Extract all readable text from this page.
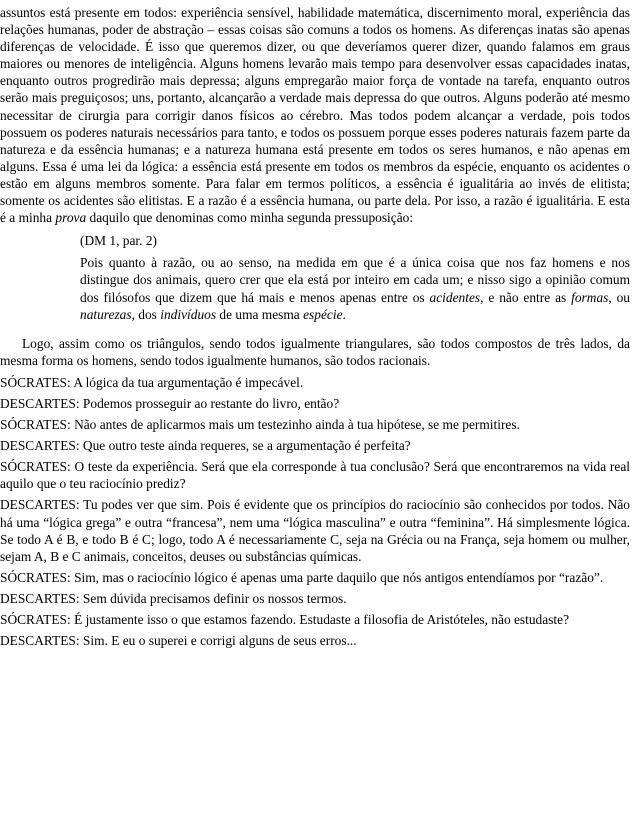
assuntos está presente em todos: experiência sensível, habilidade matemática, discernimento moral, experiência das relações humanas, poder de abstração – essas coisas são comuns a todos os homens. As diferenças inatas são apenas diferenças de velocidade. É isso que queremos dizer, ou que deveríamos querer dizer, quando falamos em graus maiores ou menores de inteligência. Alguns homens levarão mais tempo para desenvolver essas capacidades inatas, enquanto outros progredirão mais depressa; alguns empregarão maior força de vontade na tarefa, enquanto outros serão mais preguiçosos; uns, portanto, alcançarão a verdade mais depressa do que outros. Alguns poderão até mesmo necessitar de cirurgia para corrigir danos físicos ao cérebro. Mas todos podem alcançar a verdade, pois todos possuem os poderes naturais necessários para tanto, e todos os possuem porque esses poderes naturais fazem parte da natureza e da essência humanas; e a natureza humana está presente em todos os seres humanos, e não apenas em alguns. Essa é uma lei da lógica: a essência está presente em todos os membros da espécie, enquanto os acidentes o estão em alguns membros somente. Para falar em termos políticos, a essência é igualitária ao invés de elitista; somente os acidentes são elitistas. E a razão é a essência humana, ou parte dela. Por isso, a razão é igualitária. E esta é a minha prova daquilo que denominas como minha segunda pressuposição:

(DM 1, par. 2)

Pois quanto à razão, ou ao senso, na medida em que é a única coisa que nos faz homens e nos distingue dos animais, quero crer que ela está por inteiro em cada um; e nisso sigo a opinião comum dos filósofos que dizem que há mais e menos apenas entre os acidentes, e não entre as formas, ou naturezas, dos indivíduos de uma mesma espécie.

Logo, assim como os triângulos, sendo todos igualmente triangulares, são todos compostos de três lados, da mesma forma os homens, sendo todos igualmente humanos, são todos racionais.

SÓCRATES: A lógica da tua argumentação é impecável.

DESCARTES: Podemos prosseguir ao restante do livro, então?

SÓCRATES: Não antes de aplicarmos mais um testezinho ainda à tua hipótese, se me permitires.

DESCARTES: Que outro teste ainda requeres, se a argumentação é perfeita?

SÓCRATES: O teste da experiência. Será que ela corresponde à tua conclusão? Será que encontraremos na vida real aquilo que o teu raciocínio prediz?

DESCARTES: Tu podes ver que sim. Pois é evidente que os princípios do raciocínio são conhecidos por todos. Não há uma “lógica grega” e outra “francesa”, nem uma “lógica masculina” e outra “feminina”. Há simplesmente lógica. Se todo A é B, e todo B é C; logo, todo A é necessariamente C, seja na Grécia ou na França, seja homem ou mulher, sejam A, B e C animais, conceitos, deuses ou substâncias químicas.

SÓCRATES: Sim, mas o raciocínio lógico é apenas uma parte daquilo que nós antigos entendíamos por “razão”.

DESCARTES: Sem dúvida precisamos definir os nossos termos.

SÓCRATES: É justamente isso o que estamos fazendo. Estudaste a filosofia de Aristóteles, não estudaste?

DESCARTES: Sim. E eu o superei e corrigi alguns de seus erros...
